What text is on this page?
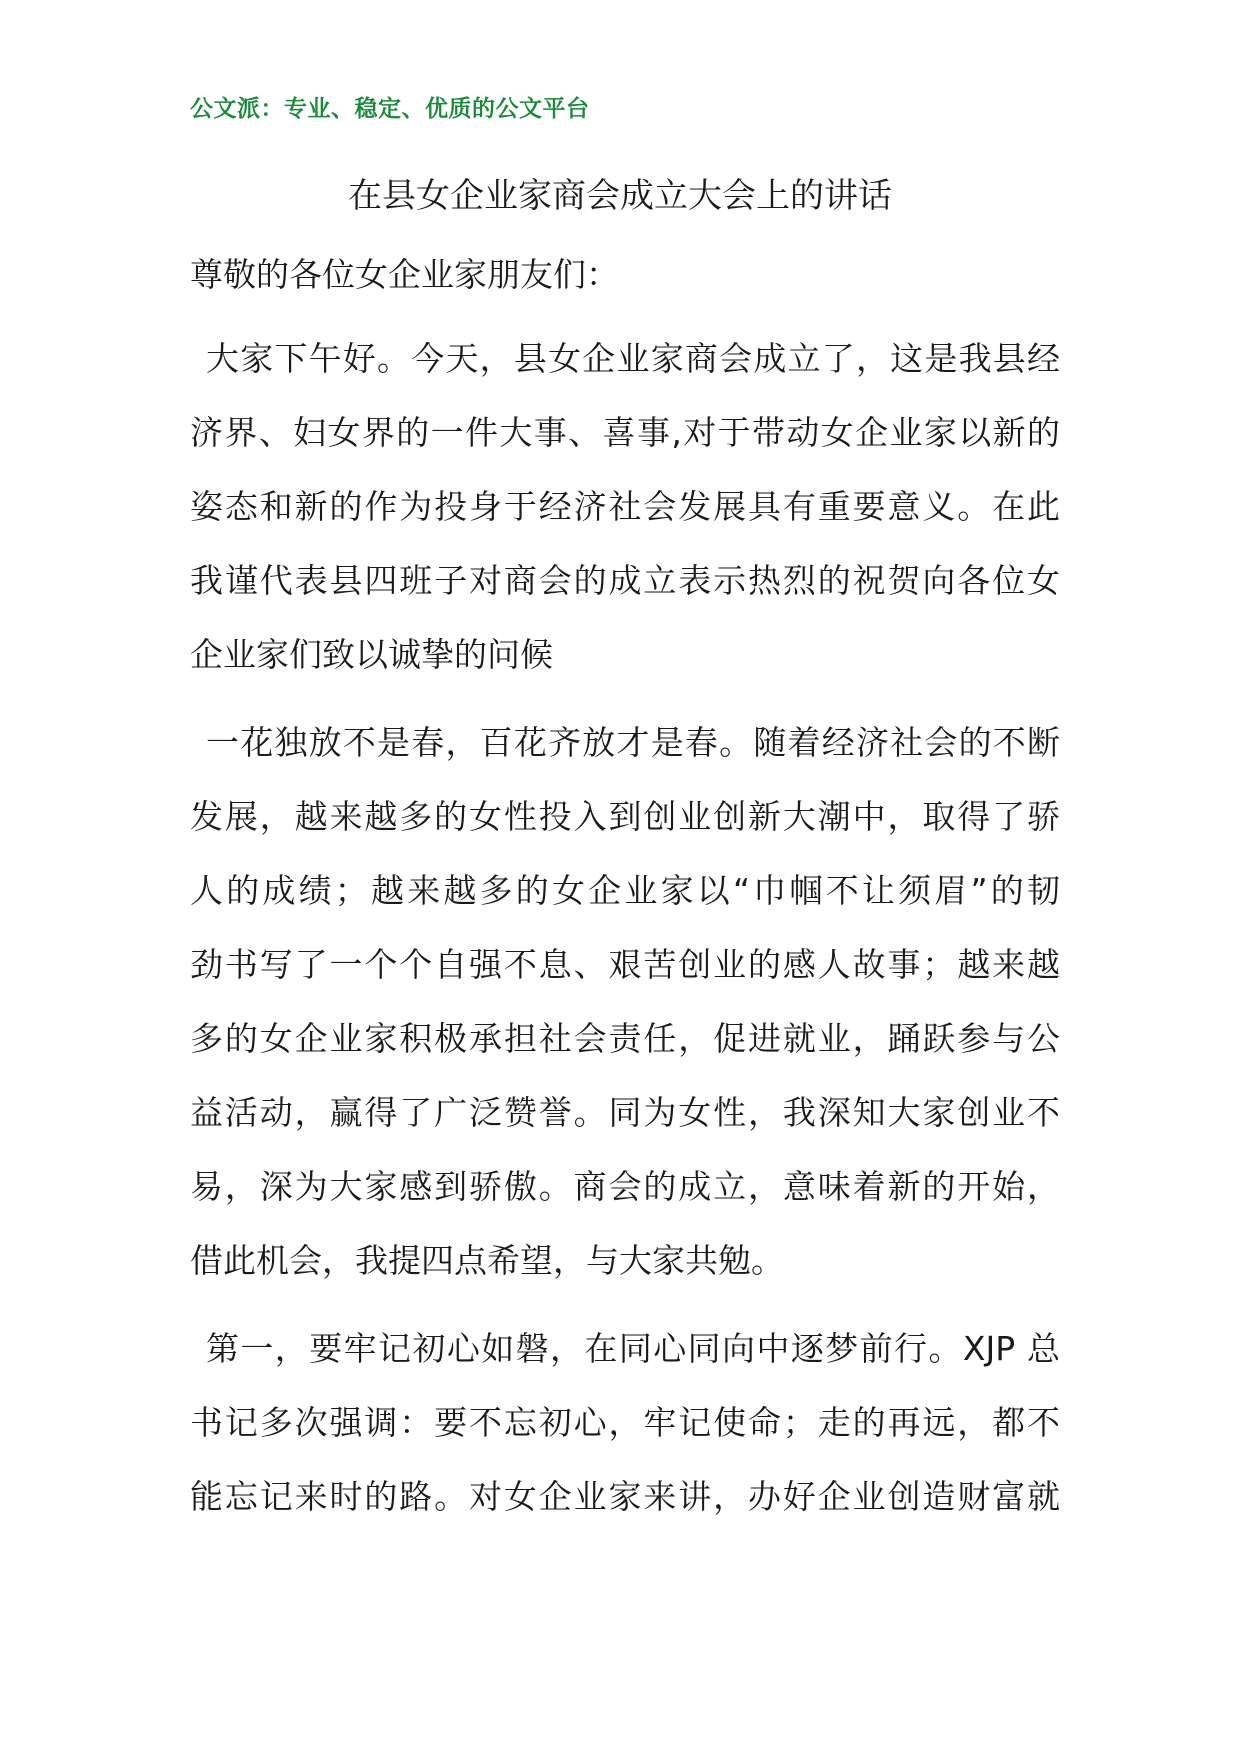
公文派：专业、稳定、优质的公文平台
在县女企业家商会成立大会上的讲话

尊敬的各位女企业家朋友们：

大家下午好。今天，县女企业家商会成立了，这是我县经
济界、妇女界的一件大事、喜事,对于带动女企业家以新的
姿态和新的作为投身于经济社会发展具有重要意义。在此
我谨代表县四班子对商会的成立表示热烈的祝贺向各位女
企业家们致以诚挚的问候
一花独放不是春，百花齐放才是春。随着经济社会的不断
发展，越来越多的女性投入到创业创新大潮中，取得了骄
人的成绩；越来越多的女企业家以“巾帼不让须眉”的韧
劲书写了一个个自强不息、艰苦创业的感人故事；越来越
多的女企业家积极承担社会责任，促进就业，踊跃参与公
益活动，赢得了广泛赞誉。同为女性，我深知大家创业不
易，深为大家感到骄傲。商会的成立，意味着新的开始，
借此机会，我提四点希望，与大家共勉。
第一，要牢记初心如磐，在同心同向中逐梦前行。XJP 总
书记多次强调：要不忘初心，牢记使命；走的再远，都不
能忘记来时的路。对女企业家来讲，办好企业创造财富就
